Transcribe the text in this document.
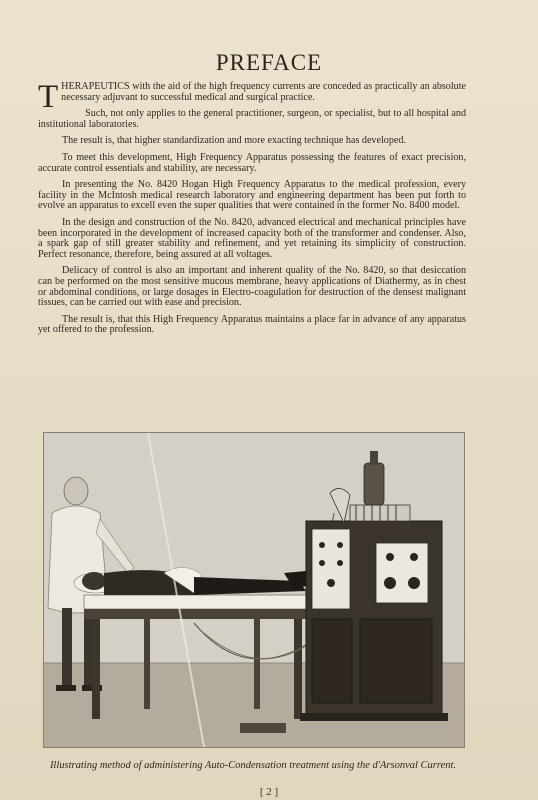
PREFACE

THERAPEUTICS with the aid of the high frequency currents are conceded as practically an absolute necessary adjuvant to successful medical and surgical practice.

Such, not only applies to the general practitioner, surgeon, or specialist, but to all hospital and institutional laboratories.

The result is, that higher standardization and more exacting technique has developed.

To meet this development, High Frequency Apparatus possessing the features of exact precision, accurate control essentials and stability, are necessary.

In presenting the No. 8420 Hogan High Frequency Apparatus to the medical profession, every facility in the McIntosh medical research laboratory and engineering department has been put forth to evolve an apparatus to excell even the super qualities that were contained in the former No. 8400 model.

In the design and construction of the No. 8420, advanced electrical and mechanical principles have been incorporated in the development of increased capacity both of the transformer and condenser. Also, a spark gap of still greater stability and refinement, and yet retaining its simplicity of construction. Perfect resonance, therefore, being assured at all voltages.

Delicacy of control is also an important and inherent quality of the No. 8420, so that desiccation can be performed on the most sensitive mucous membrane, heavy applications of Diathermy, as in chest or abdominal conditions, or large dosages in Electro-coagulation for destruction of the densest malignant tissues, can be carried out with ease and precision.

The result is, that this High Frequency Apparatus maintains a place far in advance of any apparatus yet offered to the profession.

Illustrating method of administering Auto-Condensation treatment using the d'Arsonval Current.
[ 2 ]
